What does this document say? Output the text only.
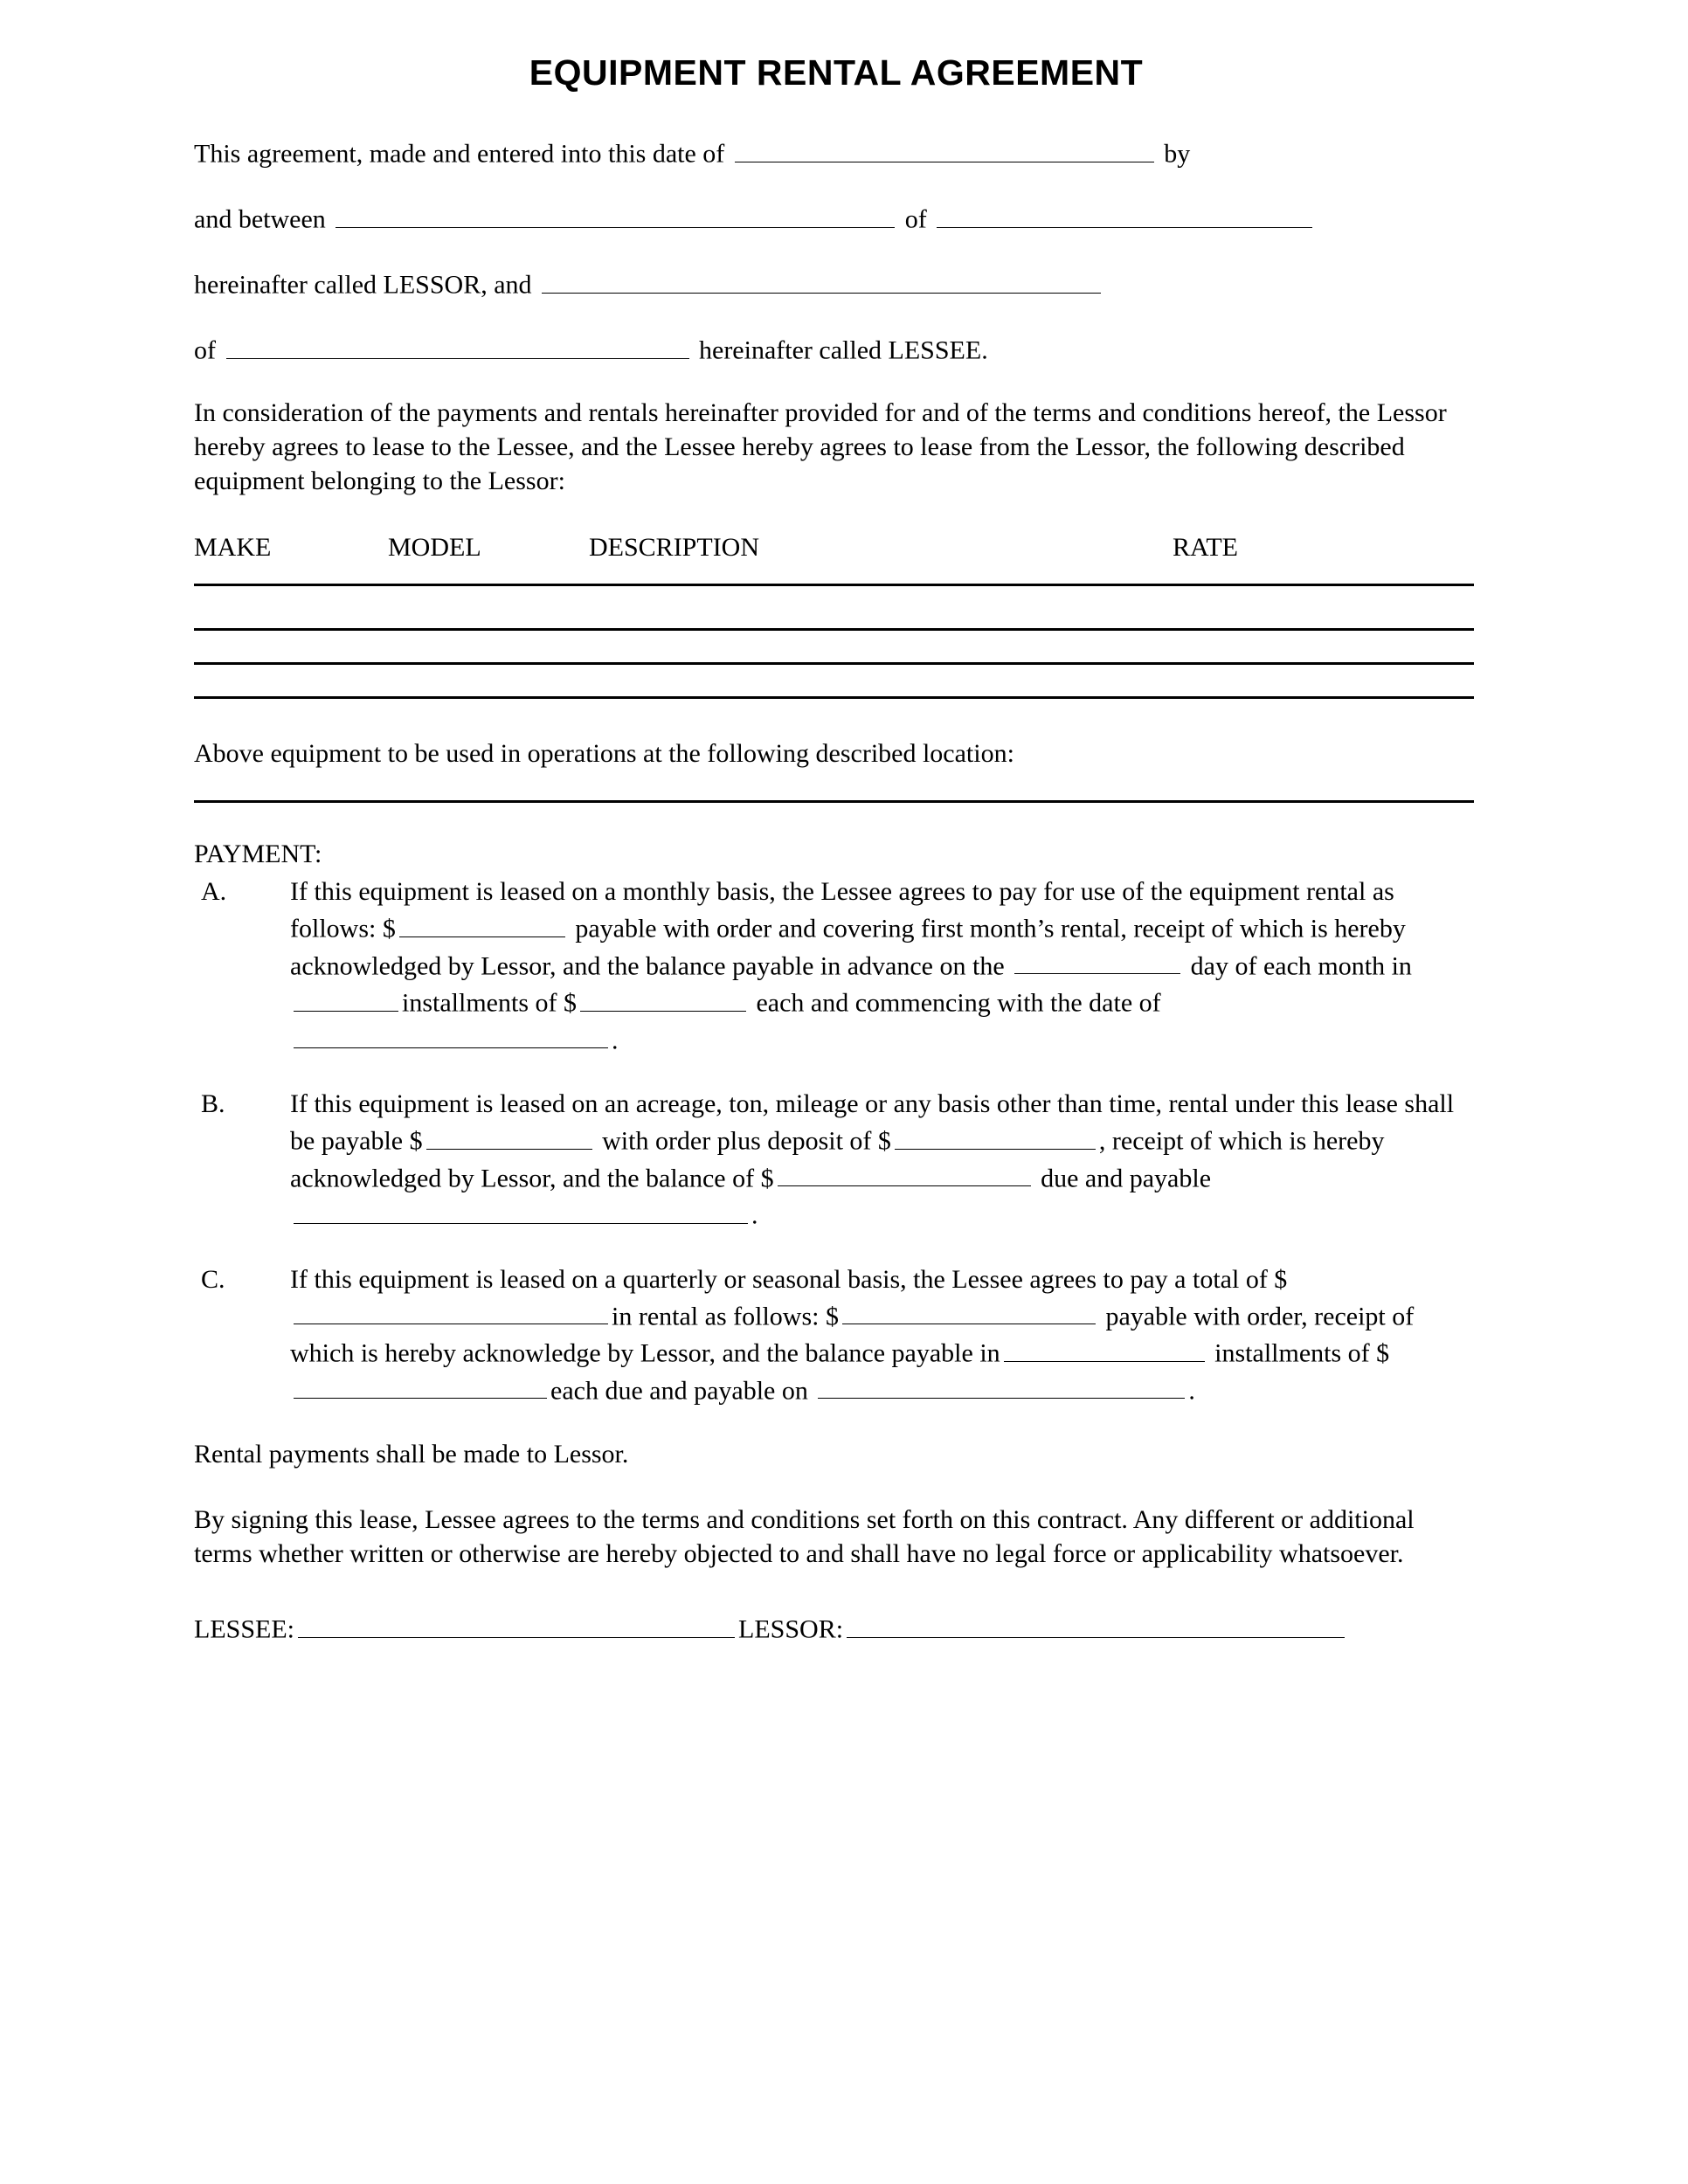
EQUIPMENT RENTAL AGREEMENT
This agreement, made and entered into this date of	by
and between	of
hereinafter called LESSOR, and
of	hereinafter called LESSEE.

In consideration of the payments and rentals hereinafter provided for and of the terms and conditions hereof, the Lessor hereby agrees to lease to the Lessee, and the Lessee hereby agrees to lease from the Lessor, the following described equipment belonging to the Lessor:

MAKE	MODEL	DESCRIPTION	RATE

Above equipment to be used in operations at the following described location:

PAYMENT:
A. If this equipment is leased on a monthly basis, the Lessee agrees to pay for use of the equipment rental as follows: $	payable with order and covering first month’s rental, receipt of which is hereby acknowledged by Lessor, and the balance payable in advance on the	day of each month in installments of $	each and commencing with the date of .
B. If this equipment is leased on an acreage, ton, mileage or any basis other than time, rental under this lease shall be payable $	with order plus deposit of $	, receipt of which is hereby acknowledged by Lessor, and the balance of $	due and payable.
C. If this equipment is leased on a quarterly or seasonal basis, the Lessee agrees to pay a total of $in rental as follows: $	payable with order, receipt of which is hereby acknowledge by Lessor, and the balance payable in	installments of $each due and payable on	.

Rental payments shall be made to Lessor.

By signing this lease, Lessee agrees to the terms and conditions set forth on this contract. Any different or additional terms whether written or otherwise are hereby objected to and shall have no legal force or applicability whatsoever.

LESSEE:	LESSOR:
